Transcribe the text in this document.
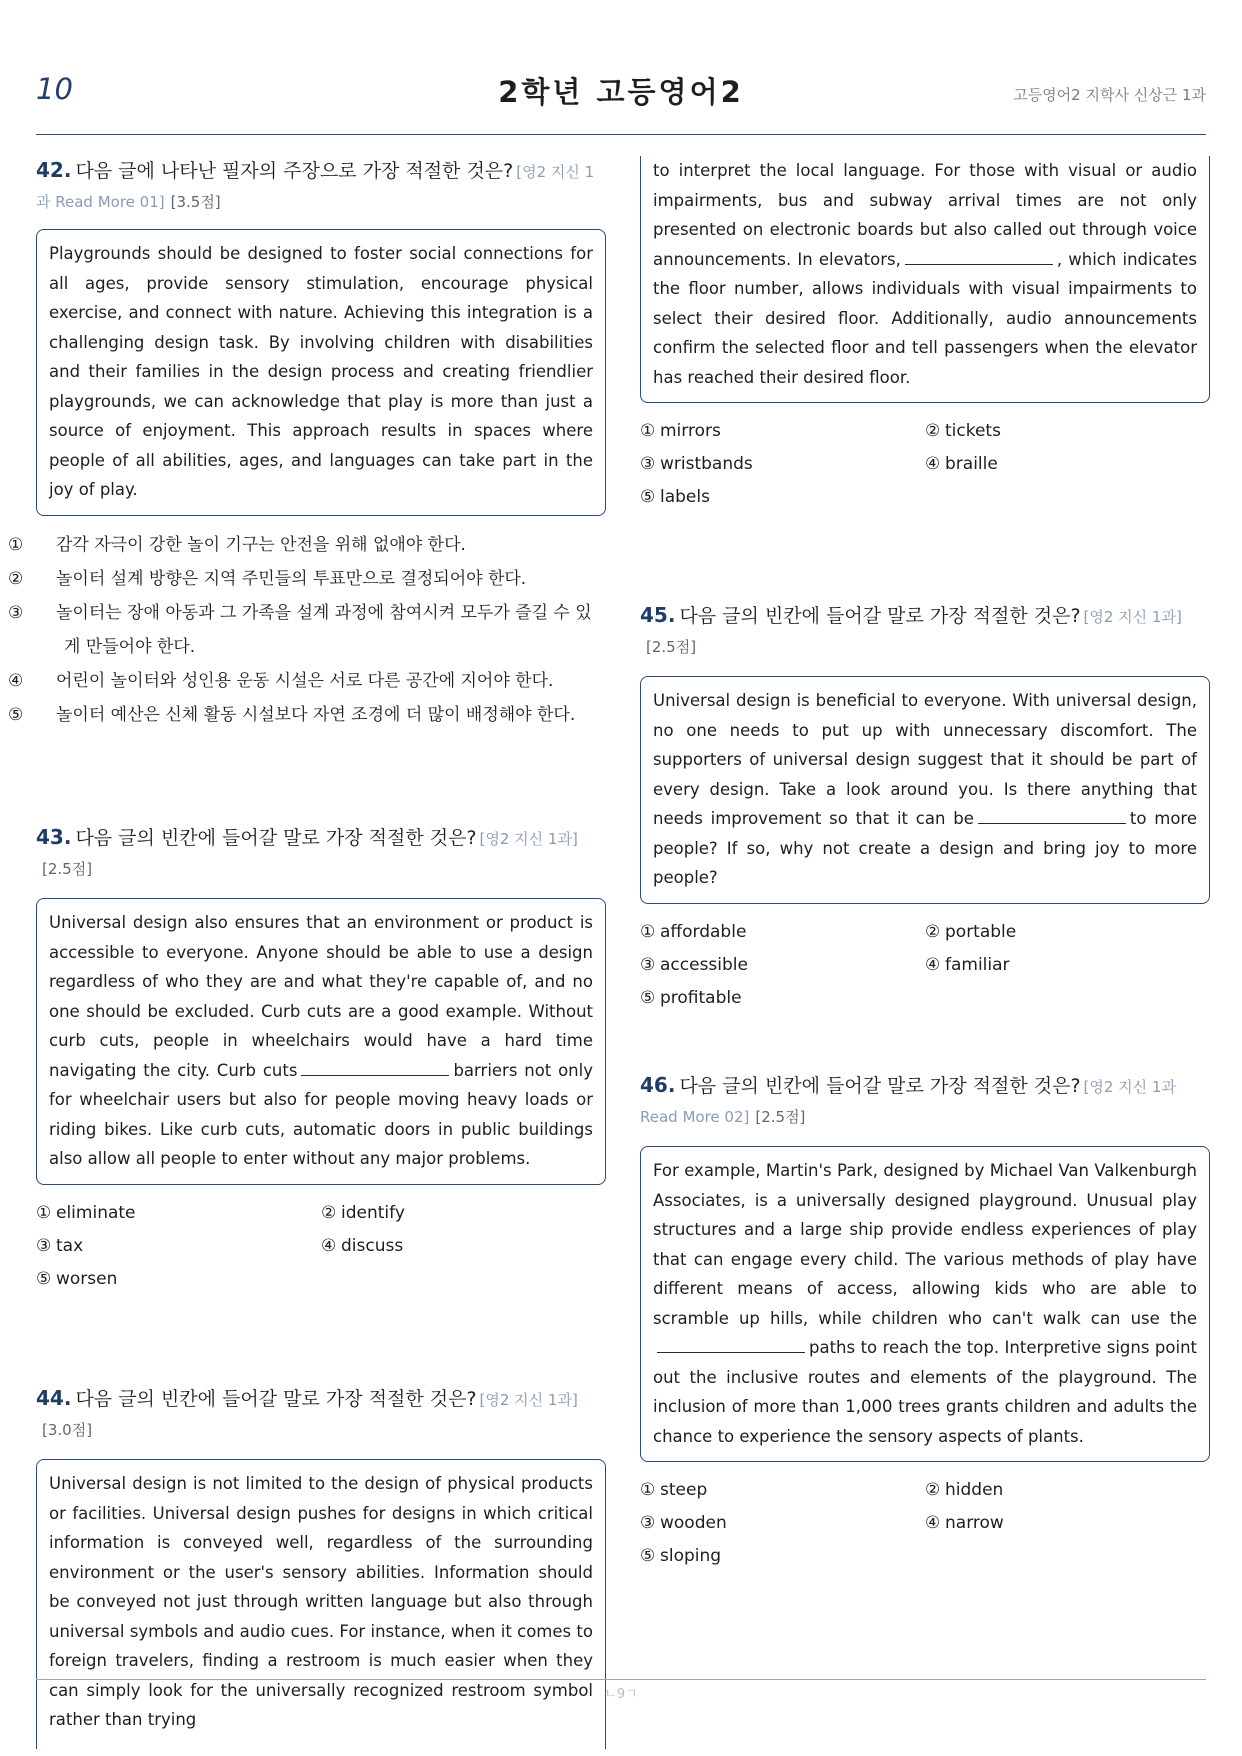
10	2학년 고등영어2	고등영어2 지학사 신상근 1과
42. 다음 글에 나타난 필자의 주장으로 가장 적절한 것은? [영2 지신 1과 Read More 01] [3.5점]
Playgrounds should be designed to foster social connections for all ages, provide sensory stimulation, encourage physical exercise, and connect with nature. Achieving this integration is a challenging design task. By involving children with disabilities and their families in the design process and creating friendlier playgrounds, we can acknowledge that play is more than just a source of enjoyment. This approach results in spaces where people of all abilities, ages, and languages can take part in the joy of play.
① 감각 자극이 강한 놀이 기구는 안전을 위해 없애야 한다.
② 놀이터 설계 방향은 지역 주민들의 투표만으로 결정되어야 한다.
③ 놀이터는 장애 아동과 그 가족을 설계 과정에 참여시켜 모두가 즐길 수 있게 만들어야 한다.
④ 어린이 놀이터와 성인용 운동 시설은 서로 다른 공간에 지어야 한다.
⑤ 놀이터 예산은 신체 활동 시설보다 자연 조경에 더 많이 배정해야 한다.
43. 다음 글의 빈칸에 들어갈 말로 가장 적절한 것은? [영2 지신 1과][2.5점]
Universal design also ensures that an environment or product is accessible to everyone. Anyone should be able to use a design regardless of who they are and what they're capable of, and no one should be excluded. Curb cuts are a good example. Without curb cuts, people in wheelchairs would have a hard time navigating the city. Curb cuts	barriers not only for wheelchair users but also for people moving heavy loads or riding bikes. Like curb cuts, automatic doors in public buildings also allow all people to enter without any major problems.
① eliminate	② identify
③ tax	④ discuss
⑤ worsen
44. 다음 글의 빈칸에 들어갈 말로 가장 적절한 것은? [영2 지신 1과][3.0점]
Universal design is not limited to the design of physical products or facilities. Universal design pushes for designs in which critical information is conveyed well, regardless of the surrounding environment or the user's sensory abilities. Information should be conveyed not just through written language but also through universal symbols and audio cues. For instance, when it comes to foreign travelers, finding a restroom is much easier when they can simply look for the universally recognized restroom symbol rather than trying
to interpret the local language. For those with visual or audio impairments, bus and subway arrival times are not only presented on electronic boards but also called out through voice announcements. In elevators,	, which indicates the floor number, allows individuals with visual impairments to select their desired floor. Additionally, audio announcements confirm the selected floor and tell passengers when the elevator has reached their desired floor.
① mirrors	② tickets
③ wristbands	④ braille
⑤ labels
45. 다음 글의 빈칸에 들어갈 말로 가장 적절한 것은? [영2 지신 1과][2.5점]
Universal design is beneficial to everyone. With universal design, no one needs to put up with unnecessary discomfort. The supporters of universal design suggest that it should be part of every design. Take a look around you. Is there anything that needs improvement so that it can be	to more people? If so, why not create a design and bring joy to more people?
① affordable	② portable
③ accessible	④ familiar
⑤ profitable
46. 다음 글의 빈칸에 들어갈 말로 가장 적절한 것은? [영2 지신 1과 Read More 02] [2.5점]
For example, Martin's Park, designed by Michael Van Valkenburgh Associates, is a universally designed playground. Unusual play structures and a large ship provide endless experiences of play that can engage every child. The various methods of play have different means of access, allowing kids who are able to scramble up hills, while children who can't walk can use thepaths to reach the top. Interpretive signs point out the inclusive routes and elements of the playground. The inclusion of more than 1,000 trees grants children and adults the chance to experience the sensory aspects of plants.
① steep	② hidden
③ wooden	④ narrow
⑤ sloping
ㄴ9ㄱ
